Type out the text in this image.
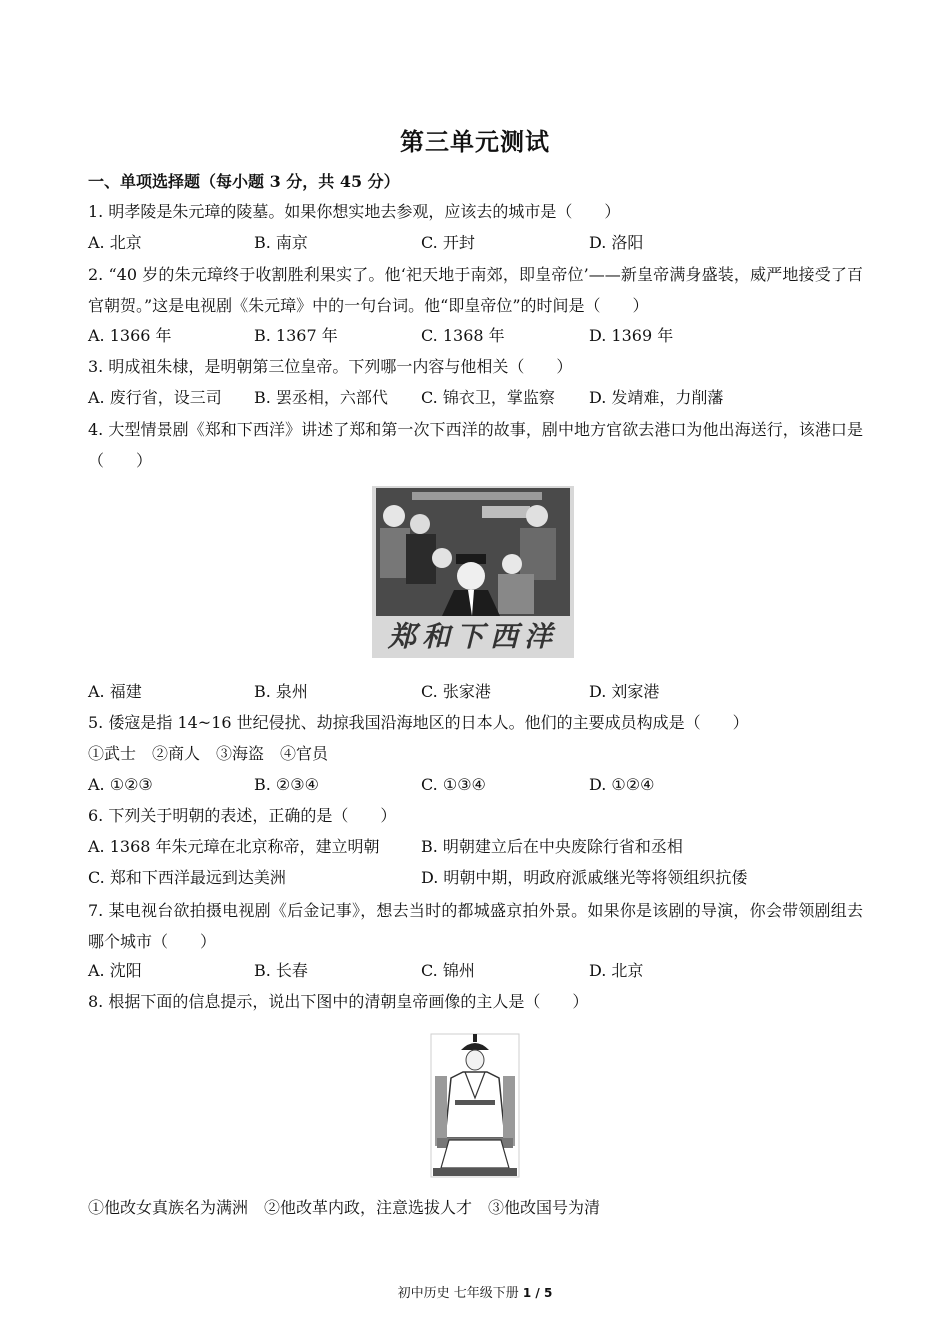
第三单元测试
一、单项选择题（每小题 3 分，共 45 分）
1. 明孝陵是朱元璋的陵墓。如果你想实地去参观，应该去的城市是（　　）
A. 北京	B. 南京	C. 开封	D. 洛阳
2. “40 岁的朱元璋终于收割胜利果实了。他‘祀天地于南郊，即皇帝位’——新皇帝满身盛装，威严地接受了百官朝贺。”这是电视剧《朱元璋》中的一句台词。他“即皇帝位”的时间是（　　）
A. 1366 年	B. 1367 年	C. 1368 年	D. 1369 年
3. 明成祖朱棣，是明朝第三位皇帝。下列哪一内容与他相关（　　）
A. 废行省，设三司 B. 罢丞相，六部代 C. 锦衣卫，掌监察 D. 发靖难，力削藩
4. 大型情景剧《郑和下西洋》讲述了郑和第一次下西洋的故事，剧中地方官欲去港口为他出海送行，该港口是（　　）
郑和下西洋
A. 福建	B. 泉州	C. 张家港	D. 刘家港
5. 倭寇是指 14~16 世纪侵扰、劫掠我国沿海地区的日本人。他们的主要成员构成是（　　）
①武士　②商人　③海盗　④官员
A. ①②③	B. ②③④	C. ①③④	D. ①②④
6. 下列关于明朝的表述，正确的是（　　）
A. 1368 年朱元璋在北京称帝，建立明朝	B. 明朝建立后在中央废除行省和丞相
C. 郑和下西洋最远到达美洲	D. 明朝中期，明政府派戚继光等将领组织抗倭
7. 某电视台欲拍摄电视剧《后金记事》，想去当时的都城盛京拍外景。如果你是该剧的导演，你会带领剧组去哪个城市（　　）
A. 沈阳	B. 长春	C. 锦州	D. 北京
8. 根据下面的信息提示，说出下图中的清朝皇帝画像的主人是（　　）
①他改女真族名为满洲　②他改革内政，注意选拔人才　③他改国号为清
初中历史 七年级下册 1 / 5
